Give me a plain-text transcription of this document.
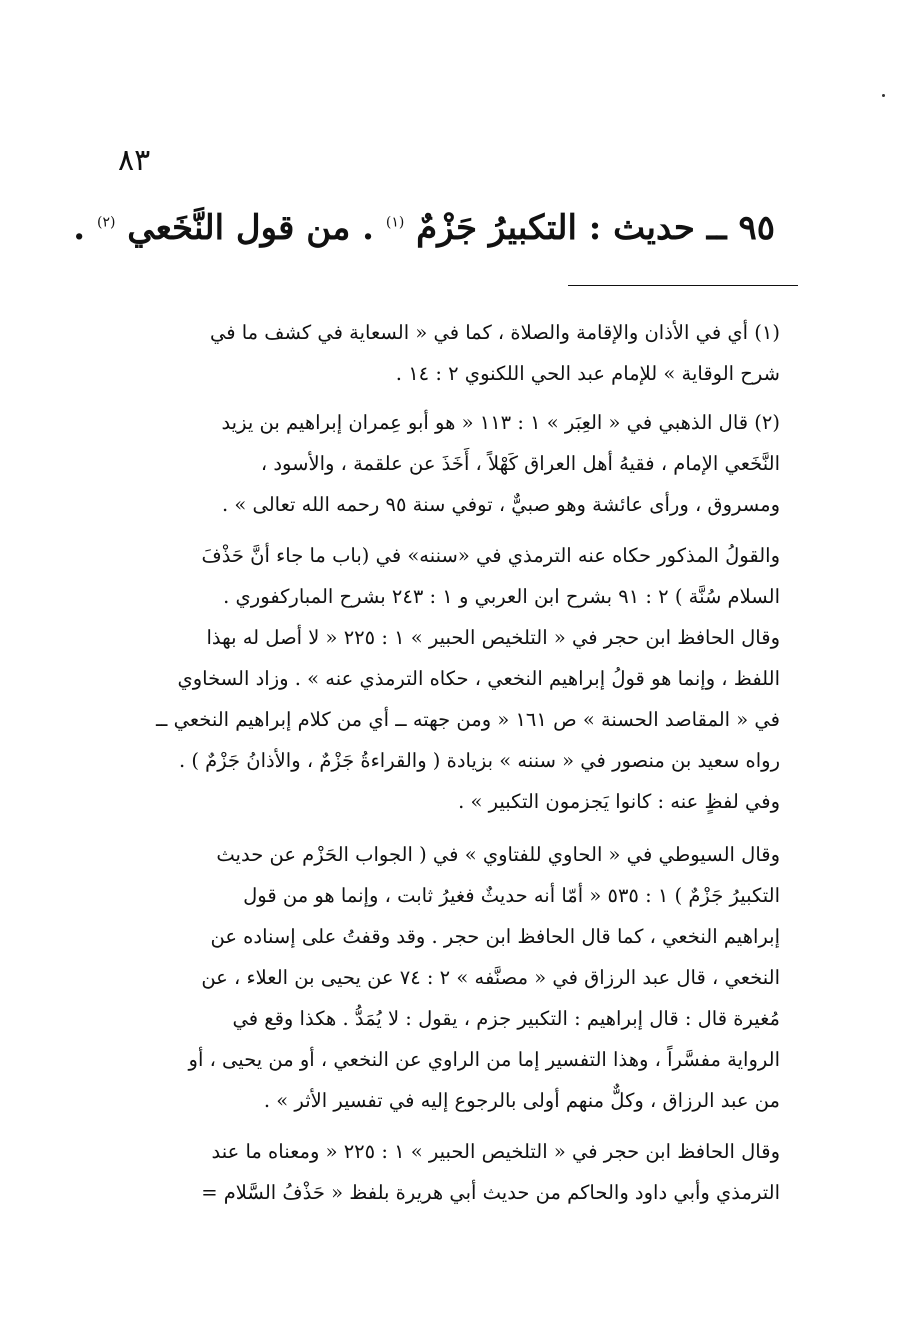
٨٣
٩٥ ــ حديث : التكبيرُ جَزْمٌ $^{(١)}$ . من قول النَّخَعي $^{(٢)}$ .

(١) أي في الأذان والإقامة والصلاة ، كما في « السعاية في كشف ما في
شرح الوقاية » للإمام عبد الحي اللكنوي ٢ : ١٤ .

(٢) قال الذهبي في « العِبَر » ١ : ١١٣ « هو أبو عِمران إبراهيم بن يزيد
النَّخَعي الإمام ، فقيهُ أهل العراق كَهْلاً ، أَخَذَ عن علقمة ، والأسود ،
ومسروق ، ورأى عائشة وهو صبيٌّ ، توفي سنة ٩٥ رحمه الله تعالى » .

والقولُ المذكور حكاه عنه الترمذي في «سننه» في (باب ما جاء أنَّ حَذْفَ
السلام سُنَّة ) ٢ : ٩١ بشرح ابن العربي و ١ : ٢٤٣ بشرح المباركفوري .
وقال الحافظ ابن حجر في « التلخيص الحبير » ١ : ٢٢٥ « لا أصل له بهذا
اللفظ ، وإنما هو قولُ إبراهيم النخعي ، حكاه الترمذي عنه » . وزاد السخاوي
في « المقاصد الحسنة » ص ١٦١ « ومن جهته ــ أي من كلام إبراهيم النخعي ــ
رواه سعيد بن منصور في « سننه » بزيادة ( والقراءةُ جَزْمٌ ، والأذانُ جَزْمٌ ) .
وفي لفظٍ عنه : كانوا يَجزمون التكبير » .

وقال السيوطي في « الحاوي للفتاوي » في ( الجواب الحَزْم عن حديث
التكبيرُ جَزْمٌ ) ١ : ٥٣٥ « أمّا أنه حديثٌ فغيرُ ثابت ، وإنما هو من قول
إبراهيم النخعي ، كما قال الحافظ ابن حجر . وقد وقفتُ على إسناده عن
النخعي ، قال عبد الرزاق في « مصنَّفه » ٢ : ٧٤ عن يحيى بن العلاء ، عن
مُغيرة قال : قال إبراهيم : التكبير جزم ، يقول : لا يُمَدُّ . هكذا وقع في
الرواية مفسَّراً ، وهذا التفسير إما من الراوي عن النخعي ، أو من يحيى ، أو
من عبد الرزاق ، وكلٌّ منهم أولى بالرجوع إليه في تفسير الأثر » .

وقال الحافظ ابن حجر في « التلخيص الحبير » ١ : ٢٢٥ « ومعناه ما عند
الترمذي وأبي داود والحاكم من حديث أبي هريرة بلفظ « حَذْفُ السَّلام =
